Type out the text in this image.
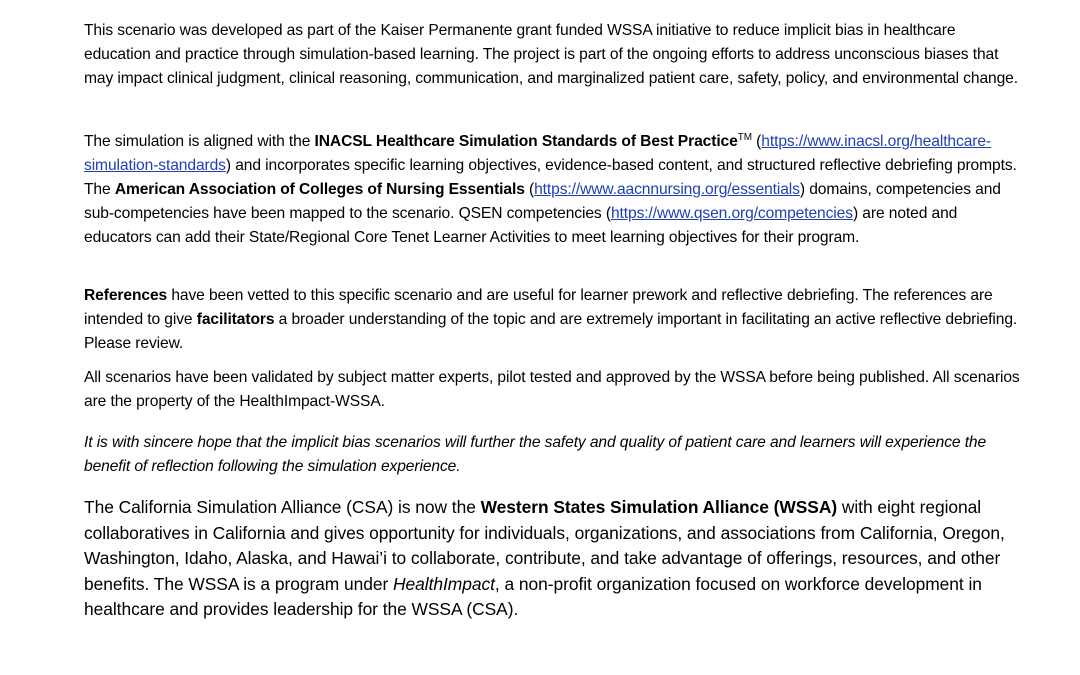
This scenario was developed as part of the Kaiser Permanente grant funded WSSA initiative to reduce implicit bias in healthcare education and practice through simulation-based learning. The project is part of the ongoing efforts to address unconscious biases that may impact clinical judgment, clinical reasoning, communication, and marginalized patient care, safety, policy, and environmental change.

The simulation is aligned with the INACSL Healthcare Simulation Standards of Best Practice™ (https://www.inacsl.org/healthcare-simulation-standards) and incorporates specific learning objectives, evidence-based content, and structured reflective debriefing prompts. The American Association of Colleges of Nursing Essentials (https://www.aacnnursing.org/essentials) domains, competencies and sub-competencies have been mapped to the scenario. QSEN competencies (https://www.qsen.org/competencies) are noted and educators can add their State/Regional Core Tenet Learner Activities to meet learning objectives for their program.

References have been vetted to this specific scenario and are useful for learner prework and reflective debriefing. The references are intended to give facilitators a broader understanding of the topic and are extremely important in facilitating an active reflective debriefing. Please review.

All scenarios have been validated by subject matter experts, pilot tested and approved by the WSSA before being published. All scenarios are the property of the HealthImpact-WSSA.

It is with sincere hope that the implicit bias scenarios will further the safety and quality of patient care and learners will experience the benefit of reflection following the simulation experience.

The California Simulation Alliance (CSA) is now the Western States Simulation Alliance (WSSA) with eight regional collaboratives in California and gives opportunity for individuals, organizations, and associations from California, Oregon, Washington, Idaho, Alaska, and Hawai’i to collaborate, contribute, and take advantage of offerings, resources, and other benefits. The WSSA is a program under HealthImpact, a non-profit organization focused on workforce development in healthcare and provides leadership for the WSSA (CSA).
